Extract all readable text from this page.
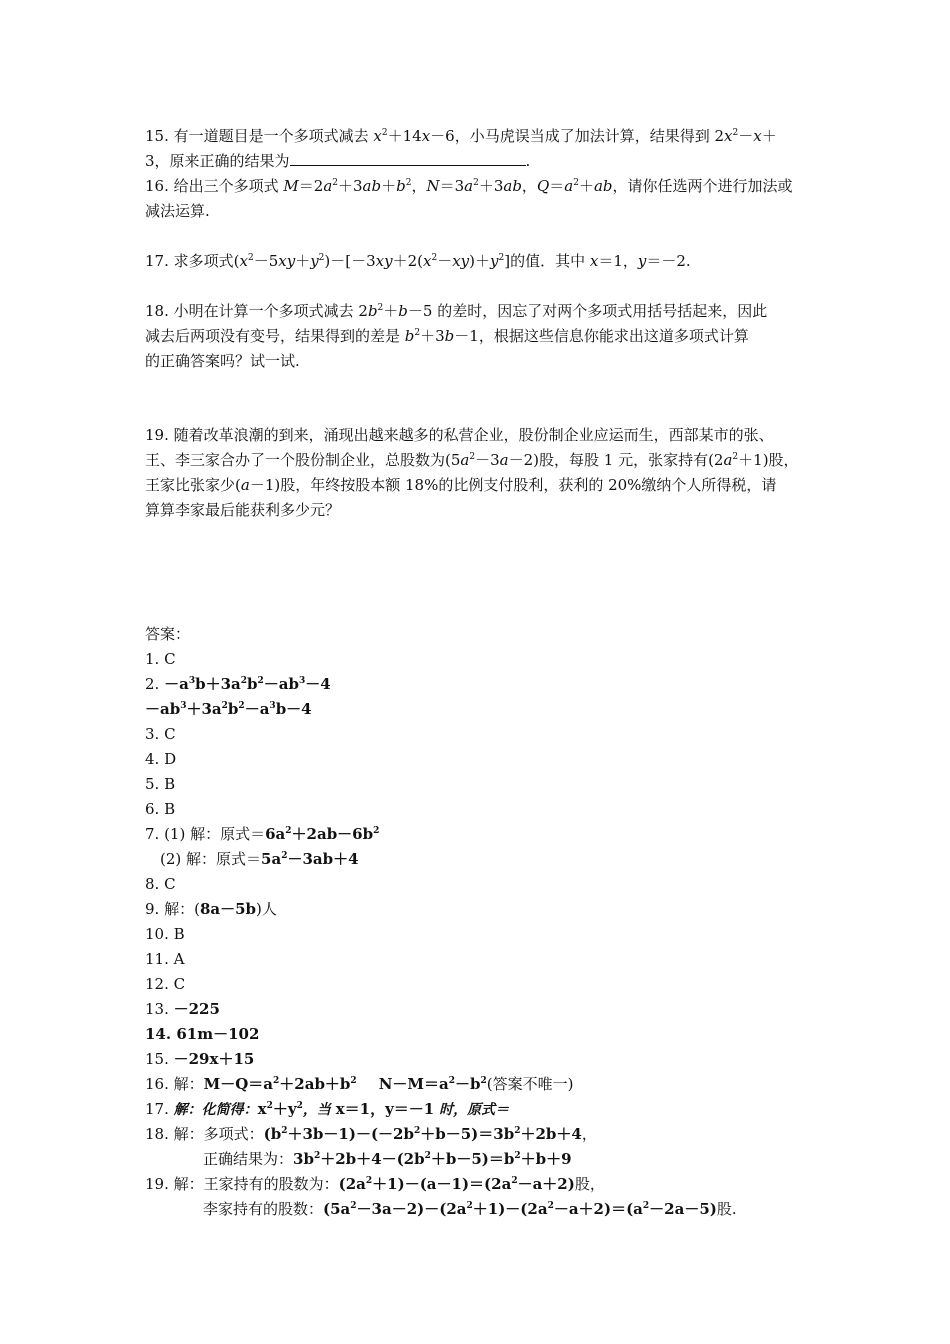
15. 有一道题目是一个多项式减去 $x^2+14x-6$，小马虎误当成了加法计算，结果得到 $2x^2-x+$
3，原来正确的结果为	.
16. 给出三个多项式 $M=2a^2+3ab+b^2$，$N=3a^2+3ab$，$Q=a^2+ab$，请你任选两个进行加法或
减法运算.
17. 求多项式$(x^2-5xy+y^2)-[-3xy+2(x^2-xy)+y^2]$的值．其中 x＝1，y＝－2.
18. 小明在计算一个多项式减去 $2b^2+b-5$ 的差时，因忘了对两个多项式用括号括起来，因此
减去后两项没有变号，结果得到的差是 $b^2+3b-1$，根据这些信息你能求出这道多项式计算
的正确答案吗？试一试.
19. 随着改革浪潮的到来，涌现出越来越多的私营企业，股份制企业应运而生，西部某市的张、
王、李三家合办了一个股份制企业，总股数为$(5a^2-3a-2)$股，每股 1 元，张家持有$(2a^2+1)$股，
王家比张家少(a－1)股，年终按股本额 18%的比例支付股利，获利的 20%缴纳个人所得税，请
算算李家最后能获利多少元？
答案：
1. C
2. $-a^3b+3a^2b^2-ab^3-4$
$-ab^3+3a^2b^2-a^3b-4$
3. C
4. D
5. B
6. B
7. (1) 解：原式$=6a^2+2ab-6b^2$
(2) 解：原式$=5a^2-3ab+4$
8. C
9. 解：(8a－5b)人
10. B
11. A
12. C
13. －225
14. 61m－102
15. －29x＋15
16. 解：$M-Q=a^2+2ab+b^2$ $N-M=a^2-b^2$(答案不唯一)
17. 解：化简得：$x^2+y^2$，当 x＝1，y＝－1 时，原式＝
18. 解：多项式：$(b^2+3b-1)-(-2b^2+b-5)=3b^2+2b+4$，
正确结果为：$3b^2+2b+4-(2b^2+b-5)=b^2+b+9$
19. 解：王家持有的股数为：$(2a^2+1)-(a-1)=(2a^2-a+2)$股，
李家持有的股数：$(5a^2-3a-2)-(2a^2+1)-(2a^2-a+2)=(a^2-2a-5)$股.
